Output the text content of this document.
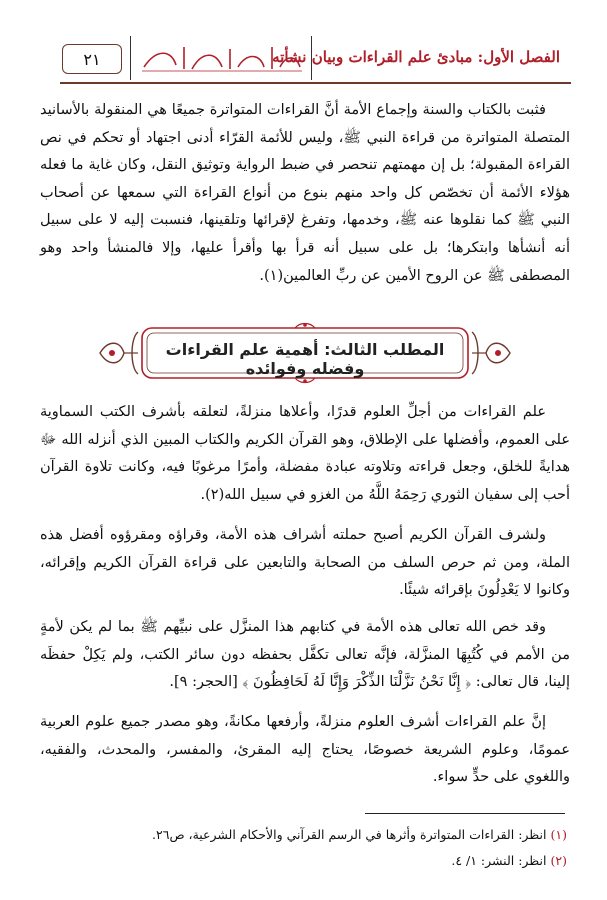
٢١	الفصل الأول: مبادئ علم القراءات وبيان نشأته

فثبت بالكتاب والسنة وإجماع الأمة أنَّ القراءات المتواترة جميعًا هي المنقولة بالأسانيد المتصلة المتواترة من قراءة النبي ﷺ، وليس للأئمة القرّاء أدنى اجتهاد أو تحكم في نص القراءة المقبولة؛ بل إن مهمتهم تنحصر في ضبط الرواية وتوثيق النقل، وكان غاية ما فعله هؤلاء الأئمة أن تخصّص كل واحد منهم بنوع من أنواع القراءة التي سمعها عن أصحاب النبي ﷺ كما نقلوها عنه ﷺ، وخدمها، وتفرغ لإقرائها وتلقينها، فنسبت إليه لا على سبيل أنه أنشأها وابتكرها؛ بل على سبيل أنه قرأ بها وأقرأ عليها، وإلا فالمنشأ واحد وهو المصطفى ﷺ عن الروح الأمين عن ربِّ العالمين(١).

المطلب الثالث: أهمية علم القراءات وفضله وفوائده

علم القراءات من أجلِّ العلوم قدرًا، وأعلاها منزلةً، لتعلقه بأشرف الكتب السماوية على العموم، وأفضلها على الإطلاق، وهو القرآن الكريم والكتاب المبين الذي أنزله الله ﷻ هدايةً للخلق، وجعل قراءته وتلاوته عبادة مفضلة، وأمرًا مرغوبًا فيه، وكانت تلاوة القرآن أحب إلى سفيان الثوري رَحِمَهُ اللَّهُ من الغزو في سبيل الله(٢).

ولشرف القرآن الكريم أصبح حملته أشراف هذه الأمة، وقراؤه ومقرؤوه أفضل هذه الملة، ومن ثم حرص السلف من الصحابة والتابعين على قراءة القرآن الكريم وإقرائه، وكانوا لا يَعْدِلُونَ بإقرائه شيئًا.

وقد خص الله تعالى هذه الأمة في كتابهم هذا المنزَّل على نبيِّهم ﷺ بما لم يكن لأمةٍ من الأمم في كُتُبِهَا المنزَّلة، فإنَّه تعالى تكفَّل بحفظه دون سائر الكتب، ولم يَكِلْ حفظَه إلينا، قال تعالى: ﴿ إِنَّا نَحْنُ نَزَّلْنَا الذِّكْرَ وَإِنَّا لَهُ لَحَافِظُونَ ﴾ [الحجر: ٩].

إنَّ علم القراءات أشرف العلوم منزلةً، وأرفعها مكانةً، وهو مصدر جميع علوم العربية عمومًا، وعلوم الشريعة خصوصًا، يحتاج إليه المقرئ، والمفسر، والمحدث، والفقيه، واللغوي على حدٍّ سواء.

(١) انظر: القراءات المتواترة وأثرها في الرسم القرآني والأحكام الشرعية، ص٢٦.
(٢) انظر: النشر: ١/ ٤.
